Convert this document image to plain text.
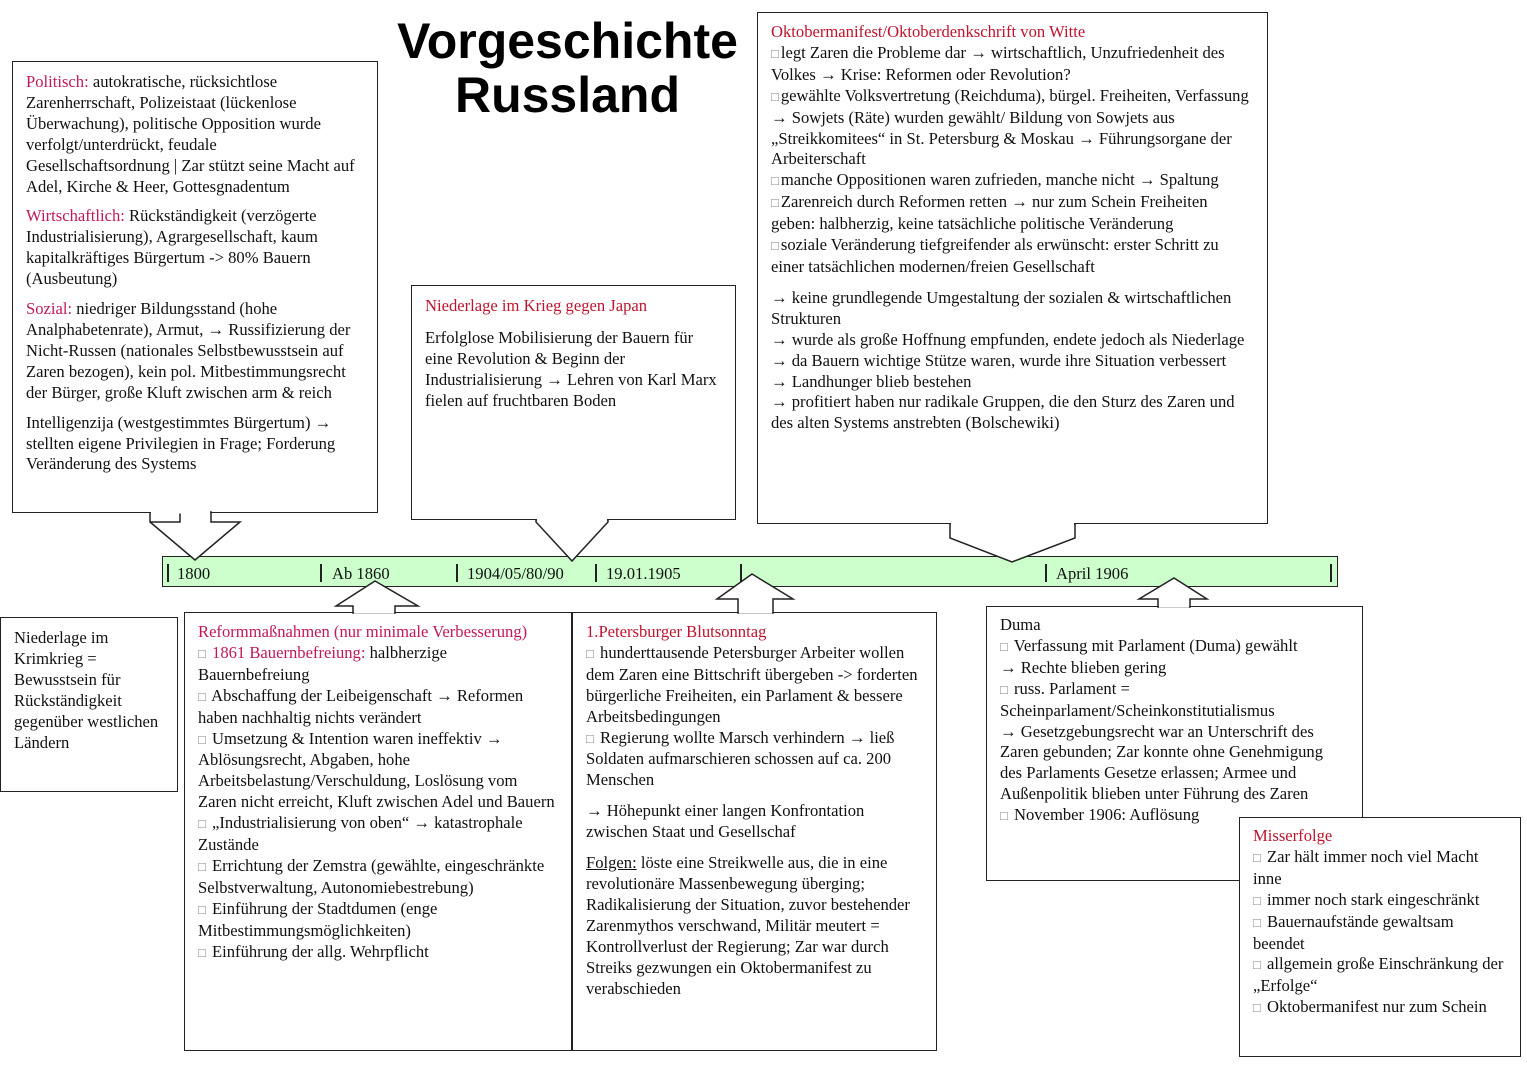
Vorgeschichte
Russland

Politisch: autokratische, rücksichtlose Zarenherrschaft, Polizeistaat (lückenlose Überwachung), politische Opposition wurde verfolgt/unterdrückt, feudale Gesellschaftsordnung | Zar stützt seine Macht auf Adel, Kirche & Heer, Gottesgnadentum

Wirtschaftlich: Rückständigkeit (verzögerte Industrialisierung), Agrargesellschaft, kaum kapitalkräftiges Bürgertum -> 80% Bauern (Ausbeutung)

Sozial: niedriger Bildungsstand (hohe Analphabetenrate), Armut, → Russifizierung der Nicht-Russen (nationales Selbstbewusstsein auf Zaren bezogen), kein pol. Mitbestimmungsrecht der Bürger, große Kluft zwischen arm & reich

Intelligenzija (westgestimmtes Bürgertum) → stellten eigene Privilegien in Frage; Forderung Veränderung des Systems

Niederlage im Krimkrieg = Bewusstsein für Rückständigkeit gegenüber westlichen Ländern

Niederlage im Krieg gegen Japan

Erfolglose Mobilisierung der Bauern für eine Revolution & Beginn der Industrialisierung → Lehren von Karl Marx fielen auf fruchtbaren Boden

Oktobermanifest/Oktoberdenkschrift von Witte
□ legt Zaren die Probleme dar → wirtschaftlich, Unzufriedenheit des Volkes → Krise: Reformen oder Revolution?
□ gewählte Volksvertretung (Reichduma), bürgel. Freiheiten, Verfassung → Sowjets (Räte) wurden gewählt/ Bildung von Sowjets aus „Streikkomitees“ in St. Petersburg & Moskau → Führungsorgane der Arbeiterschaft
□ manche Oppositionen waren zufrieden, manche nicht → Spaltung
□ Zarenreich durch Reformen retten → nur zum Schein Freiheiten geben: halbherzig, keine tatsächliche politische Veränderung
□ soziale Veränderung tiefgreifender als erwünscht: erster Schritt zu einer tatsächlichen modernen/freien Gesellschaft
→ keine grundlegende Umgestaltung der sozialen & wirtschaftlichen Strukturen
→ wurde als große Hoffnung empfunden, endete jedoch als Niederlage
→ da Bauern wichtige Stütze waren, wurde ihre Situation verbessert
→ Landhunger blieb bestehen
→ profitiert haben nur radikale Gruppen, die den Sturz des Zaren und des alten Systems anstrebten (Bolschewiki)
Reformmaßnahmen (nur minimale Verbesserung)
□ 1861 Bauernbefreiung: halbherzige Bauernbefreiung
□ Abschaffung der Leibeigenschaft → Reformen haben nachhaltig nichts verändert
□ Umsetzung & Intention waren ineffektiv → Ablösungsrecht, Abgaben, hohe Arbeitsbelastung/Verschuldung, Loslösung vom Zaren nicht erreicht, Kluft zwischen Adel und Bauern
□ „Industrialisierung von oben“ → katastrophale Zustände
□ Errichtung der Zemstra (gewählte, eingeschränkte Selbstverwaltung, Autonomiebestrebung)
□ Einführung der Stadtdumen (enge Mitbestimmungsmöglichkeiten)
□ Einführung der allg. Wehrpflicht
1.Petersburger Blutsonntag
□ hunderttausende Petersburger Arbeiter wollen dem Zaren eine Bittschrift übergeben -> forderten bürgerliche Freiheiten, ein Parlament & bessere Arbeitsbedingungen
□ Regierung wollte Marsch verhindern → ließ Soldaten aufmarschieren schossen auf ca. 200 Menschen
→ Höhepunkt einer langen Konfrontation zwischen Staat und Gesellschaf
Folgen: löste eine Streikwelle aus, die in eine revolutionäre Massenbewegung überging; Radikalisierung der Situation, zuvor bestehender Zarenmythos verschwand, Militär meutert = Kontrollverlust der Regierung; Zar war durch Streiks gezwungen ein Oktobermanifest zu verabschieden
Duma
□ Verfassung mit Parlament (Duma) gewählt
→ Rechte blieben gering
□ russ. Parlament = Scheinparlament/Scheinkonstitutialismus
→ Gesetzgebungsrecht war an Unterschrift des Zaren gebunden; Zar konnte ohne Genehmigung des Parlaments Gesetze erlassen; Armee und Außenpolitik blieben unter Führung des Zaren
□ November 1906: Auflösung
Misserfolge
□ Zar hält immer noch viel Macht inne
□ immer noch stark eingeschränkt
□ Bauernaufstände gewaltsam beendet
□ allgemein große Einschränkung der „Erfolge“
□ Oktobermanifest nur zum Schein
1800	Ab 1860	1904/05/80/90	19.01.1905	April 1906
